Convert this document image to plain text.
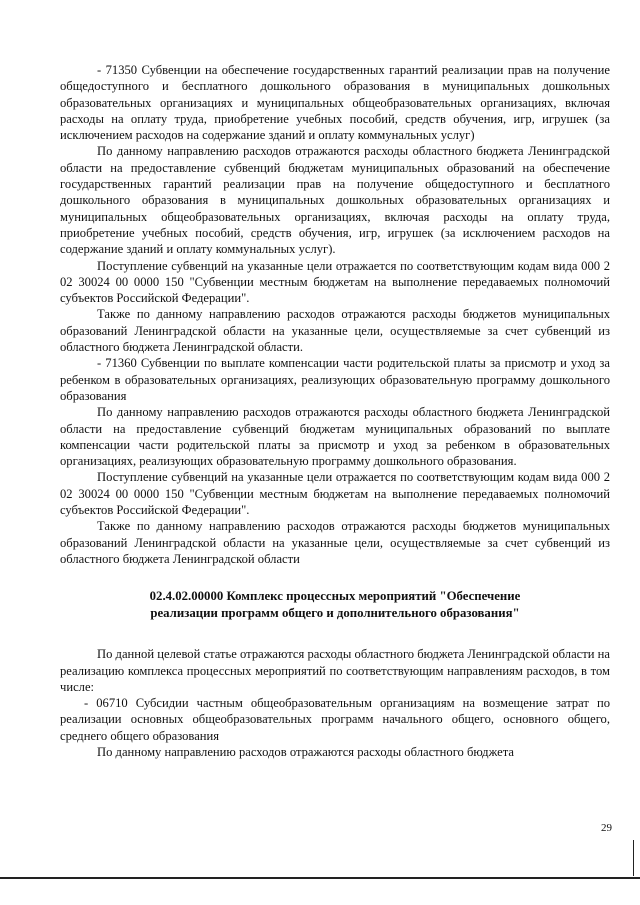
- 71350 Субвенции на обеспечение государственных гарантий реализации прав на получение общедоступного и бесплатного дошкольного образования в муниципальных дошкольных образовательных организациях и муниципальных общеобразовательных организациях, включая расходы на оплату труда, приобретение учебных пособий, средств обучения, игр, игрушек (за исключением расходов на содержание зданий и оплату коммунальных услуг)

По данному направлению расходов отражаются расходы областного бюджета Ленинградской области на предоставление субвенций бюджетам муниципальных образований на обеспечение государственных гарантий реализации прав на получение общедоступного и бесплатного дошкольного образования в муниципальных дошкольных образовательных организациях и муниципальных общеобразовательных организациях, включая расходы на оплату труда, приобретение учебных пособий, средств обучения, игр, игрушек (за исключением расходов на содержание зданий и оплату коммунальных услуг).

Поступление субвенций на указанные цели отражается по соответствующим кодам вида 000 2 02 30024 00 0000 150 "Субвенции местным бюджетам на выполнение передаваемых полномочий субъектов Российской Федерации".

Также по данному направлению расходов отражаются расходы бюджетов муниципальных образований Ленинградской области на указанные цели, осуществляемые за счет субвенций из областного бюджета Ленинградской области.

- 71360 Субвенции по выплате компенсации части родительской платы за присмотр и уход за ребенком в образовательных организациях, реализующих образовательную программу дошкольного образования

По данному направлению расходов отражаются расходы областного бюджета Ленинградской области на предоставление субвенций бюджетам муниципальных образований по выплате компенсации части родительской платы за присмотр и уход за ребенком в образовательных организациях, реализующих образовательную программу дошкольного образования.

Поступление субвенций на указанные цели отражается по соответствующим кодам вида 000 2 02 30024 00 0000 150 "Субвенции местным бюджетам на выполнение передаваемых полномочий субъектов Российской Федерации".

Также по данному направлению расходов отражаются расходы бюджетов муниципальных образований Ленинградской области на указанные цели, осуществляемые за счет субвенций из областного бюджета Ленинградской области

02.4.02.00000 Комплекс процессных мероприятий "Обеспечение
реализации программ общего и дополнительного образования"

По данной целевой статье отражаются расходы областного бюджета Ленинградской области на реализацию комплекса процессных мероприятий по соответствующим направлениям расходов, в том числе:

- 06710 Субсидии частным общеобразовательным организациям на возмещение затрат по реализации основных общеобразовательных программ начального общего, основного общего, среднего общего образования

По данному направлению расходов отражаются расходы областного бюджета

29
